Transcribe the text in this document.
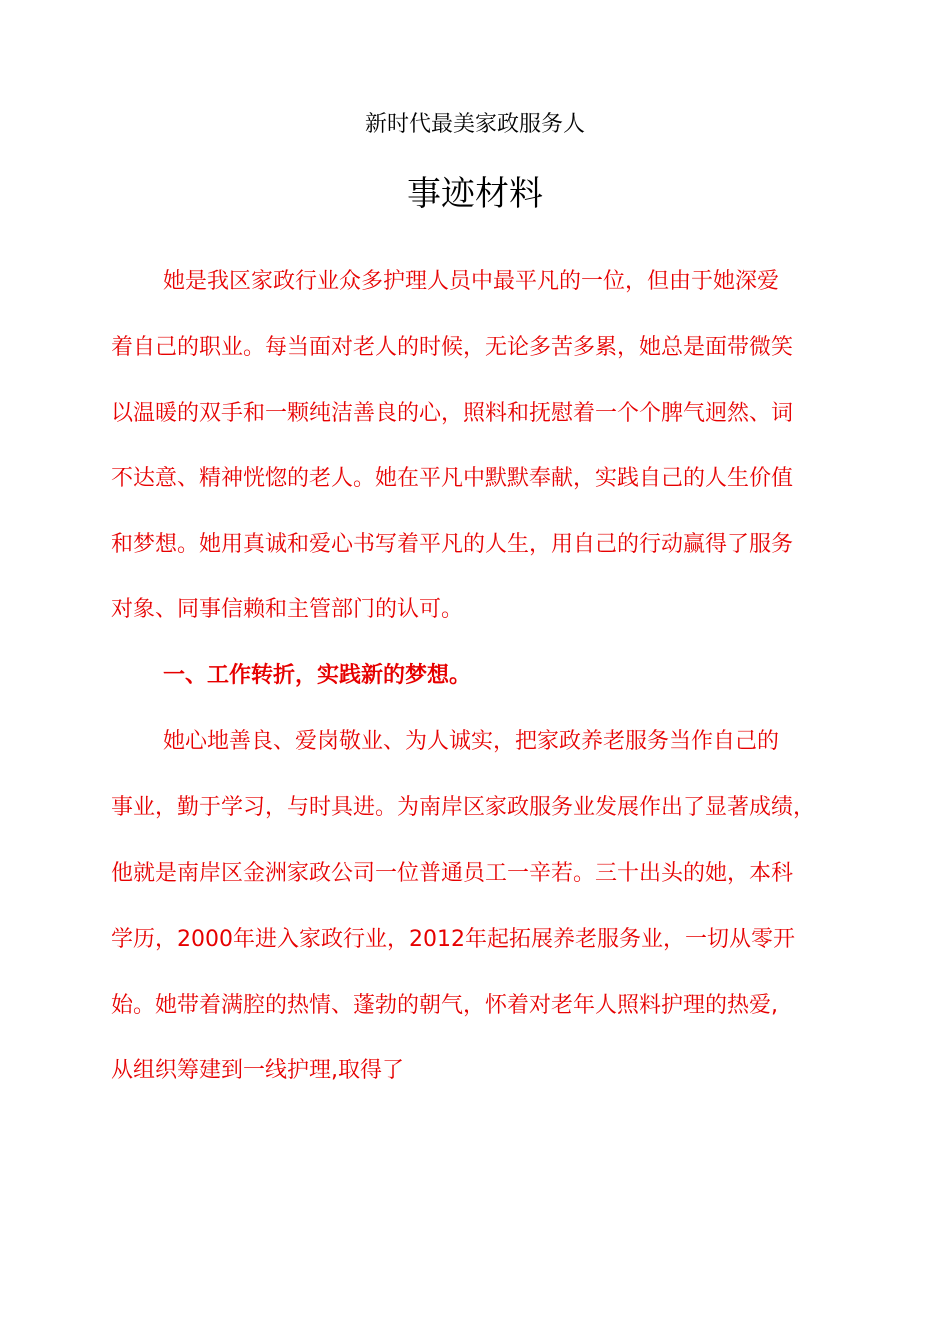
新时代最美家政服务人
事迹材料
她是我区家政行业众多护理人员中最平凡的一位，但由于她深爱
着自己的职业。每当面对老人的时候，无论多苦多累，她总是面带微笑
以温暖的双手和一颗纯洁善良的心，照料和抚慰着一个个脾气迥然、词
不达意、精神恍惚的老人。她在平凡中默默奉献，实践自己的人生价值
和梦想。她用真诚和爱心书写着平凡的人生，用自己的行动赢得了服务
对象、同事信赖和主管部门的认可。
一、工作转折，实践新的梦想。
她心地善良、爱岗敬业、为人诚实，把家政养老服务当作自己的
事业，勤于学习，与时具进。为南岸区家政服务业发展作出了显著成绩，
他就是南岸区金洲家政公司一位普通员工一辛若。三十出头的她，本科
学历，2000年进入家政行业，2012年起拓展养老服务业，一切从零开
始。她带着满腔的热情、蓬勃的朝气，怀着对老年人照料护理的热爱,
从组织筹建到一线护理,取得了
